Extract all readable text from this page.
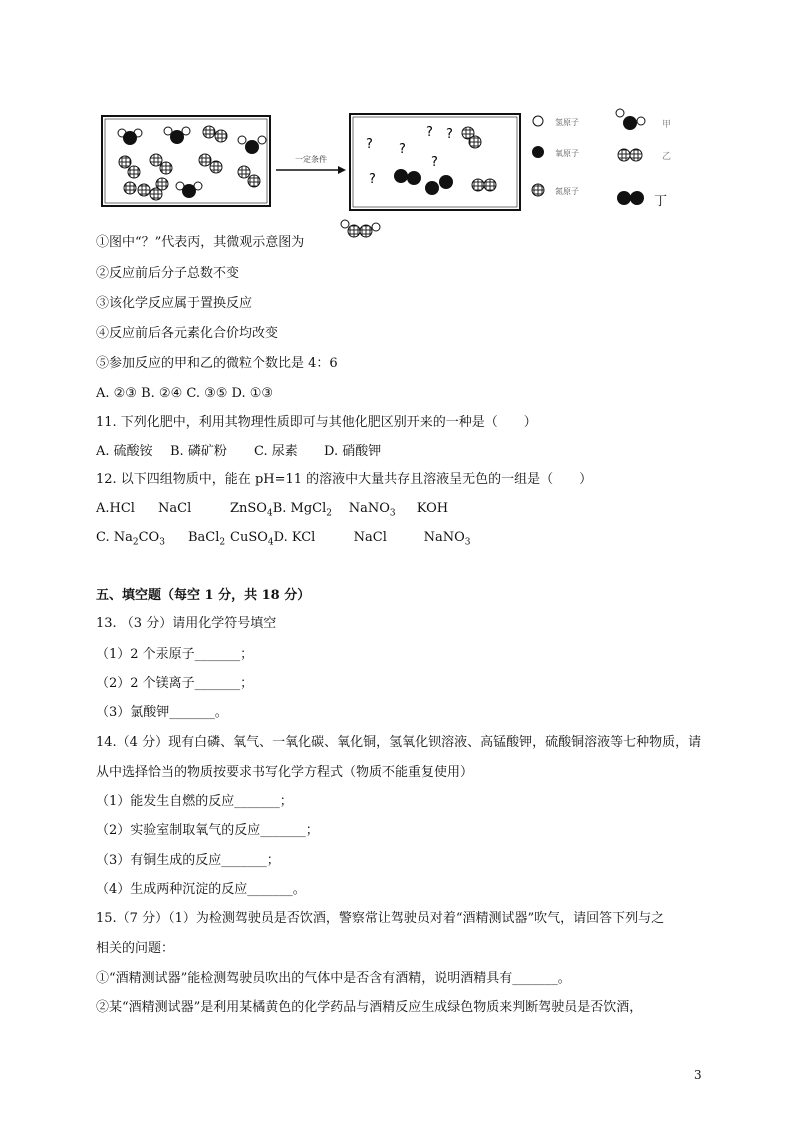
一定条件
? ?
? ?
?
?
氢原子
氧原子
氮原子
甲
乙
丁
①图中“？”代表丙，其微观示意图为
②反应前后分子总数不变
③该化学反应属于置换反应
④反应前后各元素化合价均改变
⑤参加反应的甲和乙的微粒个数比是 4：6
A. ②③ B. ②④ C. ③⑤ D. ①③
11. 下列化肥中，利用其物理性质即可与其他化肥区别开来的一种是（　　）
A. 硫酸铵 B. 磷矿粉 C. 尿素 D. 硝酸钾
12. 以下四组物质中，能在 pH=11 的溶液中大量共存且溶液呈无色的一组是（　　）
A.HCl NaCl	ZnSO$_4$B. MgCl$_2$ NaNO$_3$ KOH
C. $Na_2CO_3$ BaCl$_2$ CuSO$_4$D. KCl	NaCl	NaNO$_3$
五、填空题（每空 1 分，共 18 分）
13. （3 分）请用化学符号填空
（1）2 个汞原子_______；
（2）2 个镁离子_______；
（3）氯酸钾_______。
14.（4 分）现有白磷、氧气、一氧化碳、氧化铜，氢氧化钡溶液、高锰酸钾，硫酸铜溶液等七种物质，请
从中选择恰当的物质按要求书写化学方程式（物质不能重复使用）
（1）能发生自燃的反应_______；
（2）实验室制取氧气的反应_______；
（3）有铜生成的反应_______；
（4）生成两种沉淀的反应_______。
15.（7 分）（1）为检测驾驶员是否饮酒，警察常让驾驶员对着“酒精测试器”吹气，请回答下列与之
相关的问题：
①“酒精测试器”能检测驾驶员吹出的气体中是否含有酒精，说明酒精具有_______。
②某“酒精测试器”是利用某橘黄色的化学药品与酒精反应生成绿色物质来判断驾驶员是否饮酒，
3
